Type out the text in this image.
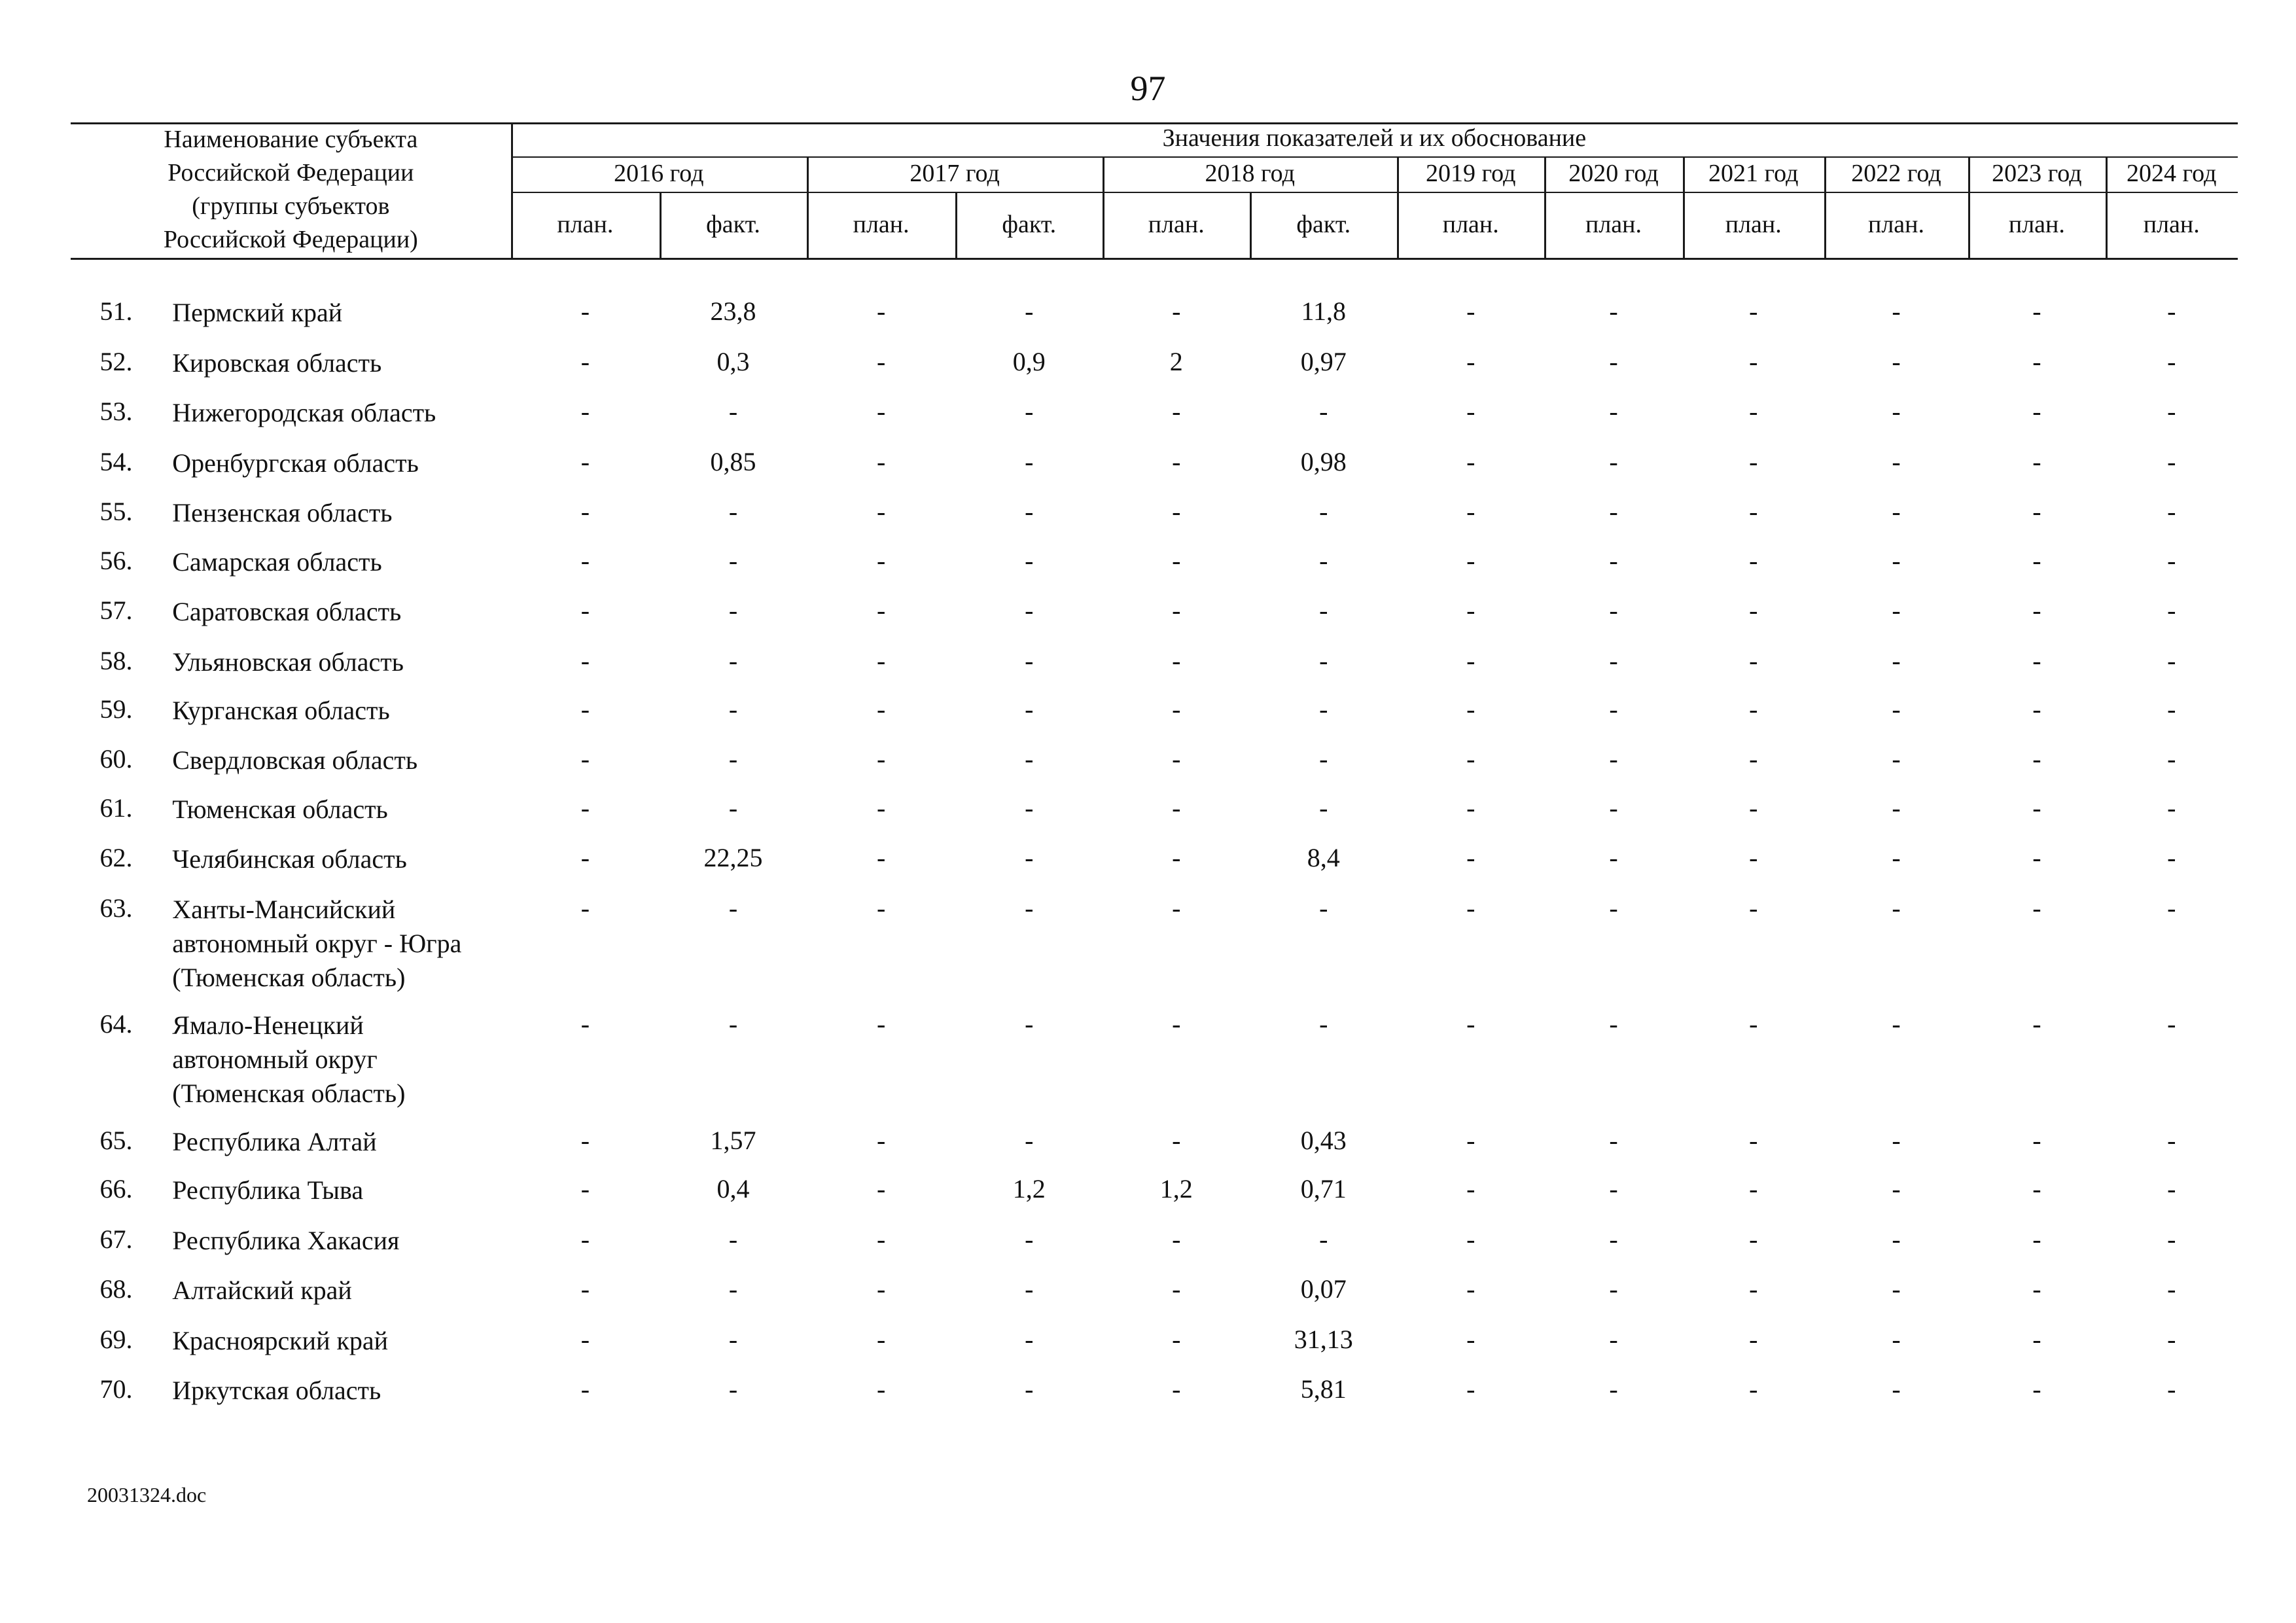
97
Наименование субъекта
Российской Федерации
(группы субъектов
Российской Федерации)
Значения показателей и их обоснование
2016 год	2017 год	2018 год	2019 год	2020 год	2021 год	2022 год	2023 год	2024 год
план.	факт.	план.	факт.	план.	факт.	план.	план.	план.	план.	план.	план.
51. Пермский край	-	23,8	-	-	-	11,8	-	-	-	-	-	-
52. Кировская область	-	0,3	-	0,9	2	0,97	-	-	-	-	-	-
53. Нижегородская область	-	-	-	-	-	-	-	-	-	-	-	-
54. Оренбургская область	-	0,85	-	-	-	0,98	-	-	-	-	-	-
55. Пензенская область	-	-	-	-	-	-	-	-	-	-	-	-
56. Самарская область	-	-	-	-	-	-	-	-	-	-	-	-
57. Саратовская область	-	-	-	-	-	-	-	-	-	-	-	-
58. Ульяновская область	-	-	-	-	-	-	-	-	-	-	-	-
59. Курганская область	-	-	-	-	-	-	-	-	-	-	-	-
60. Свердловская область	-	-	-	-	-	-	-	-	-	-	-	-
61. Тюменская область	-	-	-	-	-	-	-	-	-	-	-	-
62. Челябинская область	-	22,25	-	-	-	8,4	-	-	-	-	-	-
63. Ханты-Мансийский
автономный округ - Югра
(Тюменская область)
-	-	-	-	-	-	-	-	-	-	-	-
64. Ямало-Ненецкий
автономный округ
(Тюменская область)
-	-	-	-	-	-	-	-	-	-	-	-
65. Республика Алтай	-	1,57	-	-	-	0,43	-	-	-	-	-	-
66. Республика Тыва	-	0,4	-	1,2	1,2	0,71	-	-	-	-	-	-
67. Республика Хакасия	-	-	-	-	-	-	-	-	-	-	-	-
68. Алтайский край	-	-	-	-	-	0,07	-	-	-	-	-	-
69. Красноярский край	-	-	-	-	-	31,13	-	-	-	-	-	-
70. Иркутская область	-	-	-	-	-	5,81	-	-	-	-	-	-
20031324.doc
